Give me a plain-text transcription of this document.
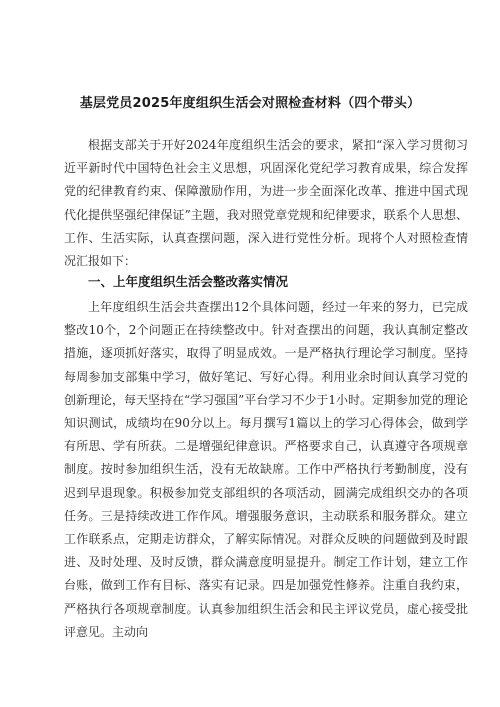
基层党员2025年度组织生活会对照检查材料（四个带头）

根据支部关于开好2024年度组织生活会的要求，紧扣“深入学习贯彻习近平新时代中国特色社会主义思想，巩固深化党纪学习教育成果，综合发挥党的纪律教育约束、保障激励作用，为进一步全面深化改革、推进中国式现代化提供坚强纪律保证”主题，我对照党章党规和纪律要求，联系个人思想、工作、生活实际，认真查摆问题，深入进行党性分析。现将个人对照检查情况汇报如下：

一、上年度组织生活会整改落实情况

上年度组织生活会共查摆出12个具体问题，经过一年来的努力，已完成整改10个，2个问题正在持续整改中。针对查摆出的问题，我认真制定整改措施，逐项抓好落实，取得了明显成效。一是严格执行理论学习制度。坚持每周参加支部集中学习，做好笔记、写好心得。利用业余时间认真学习党的创新理论，每天坚持在“学习强国”平台学习不少于1小时。定期参加党的理论知识测试，成绩均在90分以上。每月撰写1篇以上的学习心得体会，做到学有所思、学有所获。二是增强纪律意识。严格要求自己，认真遵守各项规章制度。按时参加组织生活，没有无故缺席。工作中严格执行考勤制度，没有迟到早退现象。积极参加党支部组织的各项活动，圆满完成组织交办的各项任务。三是持续改进工作作风。增强服务意识，主动联系和服务群众。建立工作联系点，定期走访群众，了解实际情况。对群众反映的问题做到及时跟进、及时处理、及时反馈，群众满意度明显提升。制定工作计划，建立工作台账，做到工作有目标、落实有记录。四是加强党性修养。注重自我约束，严格执行各项规章制度。认真参加组织生活会和民主评议党员，虚心接受批评意见。主动向
